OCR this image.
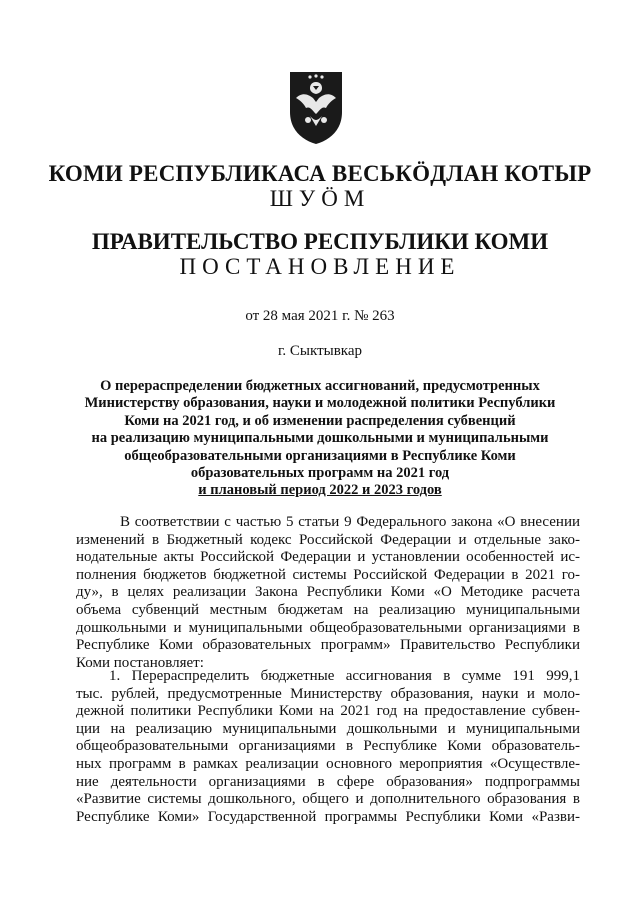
КОМИ РЕСПУБЛИКАСА ВЕСЬКÖДЛАН КОТЫР
ШУÖМ
ПРАВИТЕЛЬСТВО РЕСПУБЛИКИ КОМИ
ПОСТАНОВЛЕНИЕ
от 28 мая 2021 г. № 263
г. Сыктывкар
О перераспределении бюджетных ассигнований, предусмотренных
Министерству образования, науки и молодежной политики Республики
Коми на 2021 год, и об изменении распределения субвенций
на реализацию муниципальными дошкольными и муниципальными
общеобразовательными организациями в Республике Коми
образовательных программ на 2021 год
и плановый период 2022 и 2023 годов
В соответствии с частью 5 статьи 9 Федерального закона «О внесении
изменений в Бюджетный кодекс Российской Федерации и отдельные зако-
нодательные акты Российской Федерации и установлении особенностей ис-
полнения бюджетов бюджетной системы Российской Федерации в 2021 го-
ду», в целях реализации Закона Республики Коми «О Методике расчета
объема субвенций местным бюджетам на реализацию муниципальными
дошкольными и муниципальными общеобразовательными организациями в
Республике Коми образовательных программ» Правительство Республики
Коми постановляет:
1. Перераспределить бюджетные ассигнования в сумме 191 999,1
тыс. рублей, предусмотренные Министерству образования, науки и моло-
дежной политики Республики Коми на 2021 год на предоставление субвен-
ции на реализацию муниципальными дошкольными и муниципальными
общеобразовательными организациями в Республике Коми образователь-
ных программ в рамках реализации основного мероприятия «Осуществле-
ние деятельности организациями в сфере образования» подпрограммы
«Развитие системы дошкольного, общего и дополнительного образования в
Республике Коми» Государственной программы Республики Коми «Разви-
